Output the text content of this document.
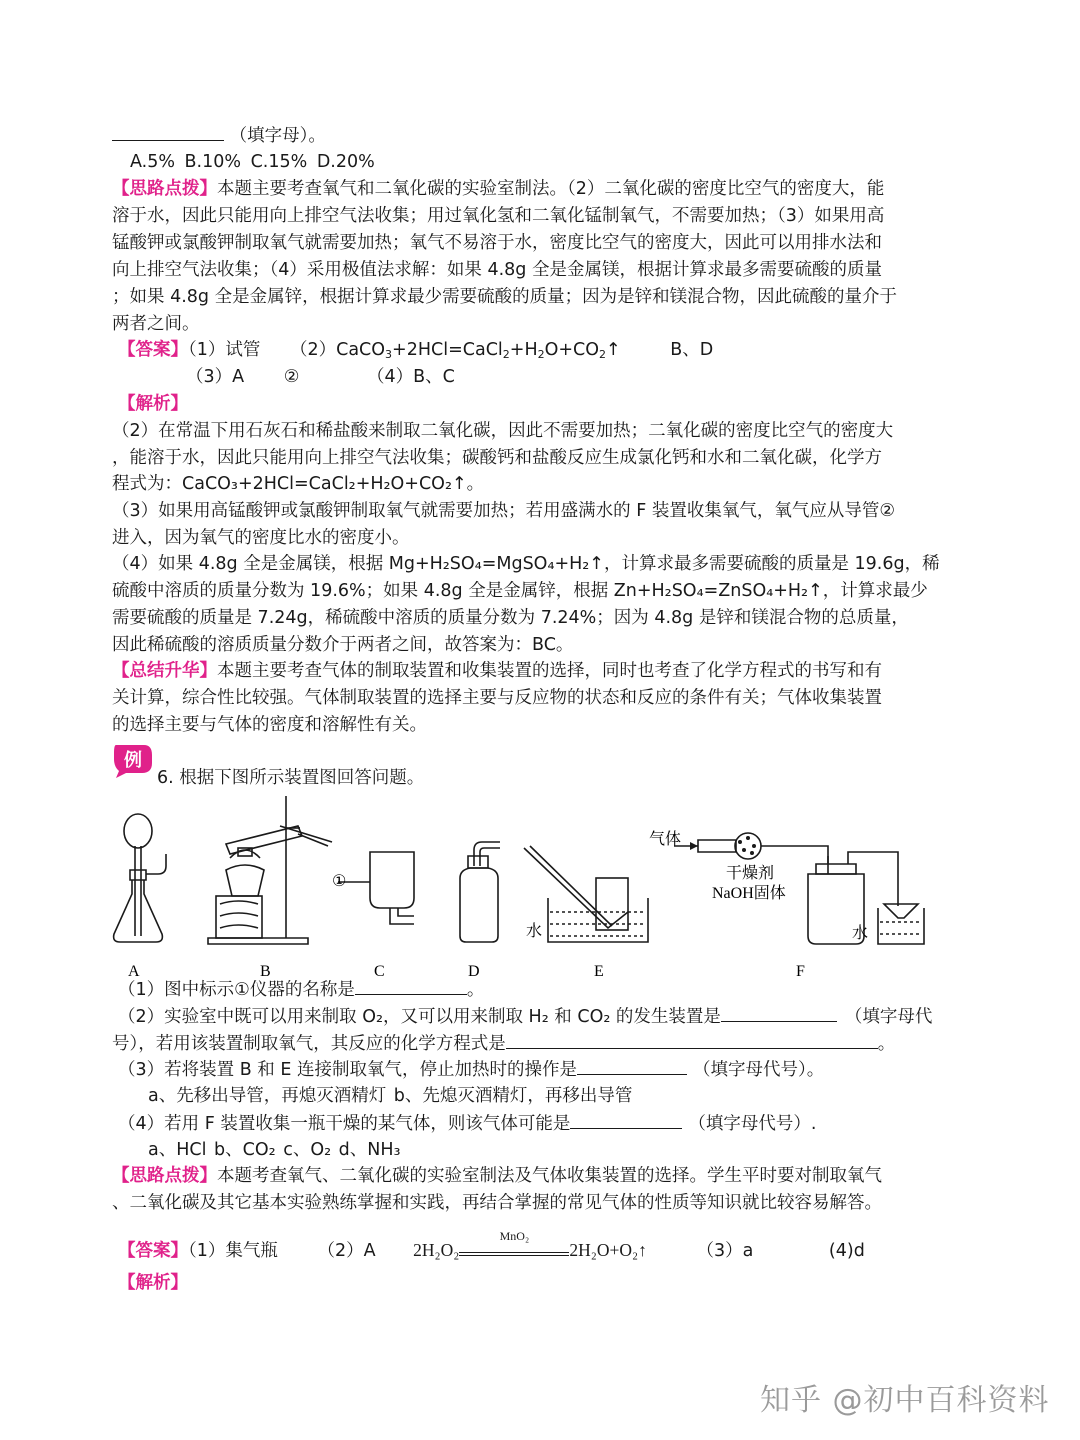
（填字母）。
A.5% B.10% C.15% D.20%
【思路点拨】本题主要考查氧气和二氧化碳的实验室制法。（2）二氧化碳的密度比空气的密度大，能
溶于水，因此只能用向上排空气法收集；用过氧化氢和二氧化锰制氧气，不需要加热；（3）如果用高
锰酸钾或氯酸钾制取氧气就需要加热；氧气不易溶于水，密度比空气的密度大，因此可以用排水法和
向上排空气法收集；（4）采用极值法求解：如果 4.8g 全是金属镁，根据计算求最多需要硫酸的质量
；如果 4.8g 全是金属锌，根据计算求最少需要硫酸的质量；因为是锌和镁混合物，因此硫酸的量介于
两者之间。
【答案】（1）试管 $(2)CaCO_3+2HCl=CaCl_2+H_2O+CO_2↑$	B、D
（3）A ②	（4）B、C
【解析】
（2）在常温下用石灰石和稀盐酸来制取二氧化碳，因此不需要加热；二氧化碳的密度比空气的密度大
，能溶于水，因此只能用向上排空气法收集；碳酸钙和盐酸反应生成氯化钙和水和二氧化碳，化学方
程式为：CaCO₃+2HCl=CaCl₂+H₂O+CO₂↑。
（3）如果用高锰酸钾或氯酸钾制取氧气就需要加热；若用盛满水的 F 装置收集氧气，氧气应从导管②
进入，因为氧气的密度比水的密度小。
（4）如果 4.8g 全是金属镁，根据 Mg+H₂SO₄=MgSO₄+H₂↑，计算求最多需要硫酸的质量是 19.6g，稀
硫酸中溶质的质量分数为 19.6%；如果 4.8g 全是金属锌，根据 Zn+H₂SO₄=ZnSO₄+H₂↑，计算求最少
需要硫酸的质量是 7.24g，稀硫酸中溶质的质量分数为 7.24%；因为 4.8g 是锌和镁混合物的总质量，
因此稀硫酸的溶质质量分数介于两者之间，故答案为：BC。
【总结升华】本题主要考查气体的制取装置和收集装置的选择，同时也考查了化学方程式的书写和有
关计算，综合性比较强。气体制取装置的选择主要与反应物的状态和反应的条件有关；气体收集装置
的选择主要与气体的密度和溶解性有关。
例
6. 根据下图所示装置图回答问题。
①
气体
干燥剂
NaOH固体
水	水
A	B	C	D	E	F
（1）图中标示①仪器的名称是	。
（2）实验室中既可以用来制取 O₂，又可以用来制取 H₂ 和 CO₂ 的发生装置是	（填字母代
号），若用该装置制取氧气，其反应的化学方程式是	。
（3）若将装置 B 和 E 连接制取氧气，停止加热时的操作是	（填字母代号）。
a、先移出导管，再熄灭酒精灯 b、先熄灭酒精灯，再移出导管
（4）若用 F 装置收集一瓶干燥的某气体，则该气体可能是	（填字母代号）.
a、HCl b、CO₂ c、O₂ d、NH₃
【思路点拨】本题考查氧气、二氧化碳的实验室制法及气体收集装置的选择。学生平时要对制取氧气
、二氧化碳及其它基本实验熟练掌握和实践，再结合掌握的常见气体的性质等知识就比较容易解答。
【答案】（1）集气瓶 （2）A 2H₂O₂
MnO₂
2H₂O+O₂↑	（3）a	(4)d
【解析】
知乎 @初中百科资料
